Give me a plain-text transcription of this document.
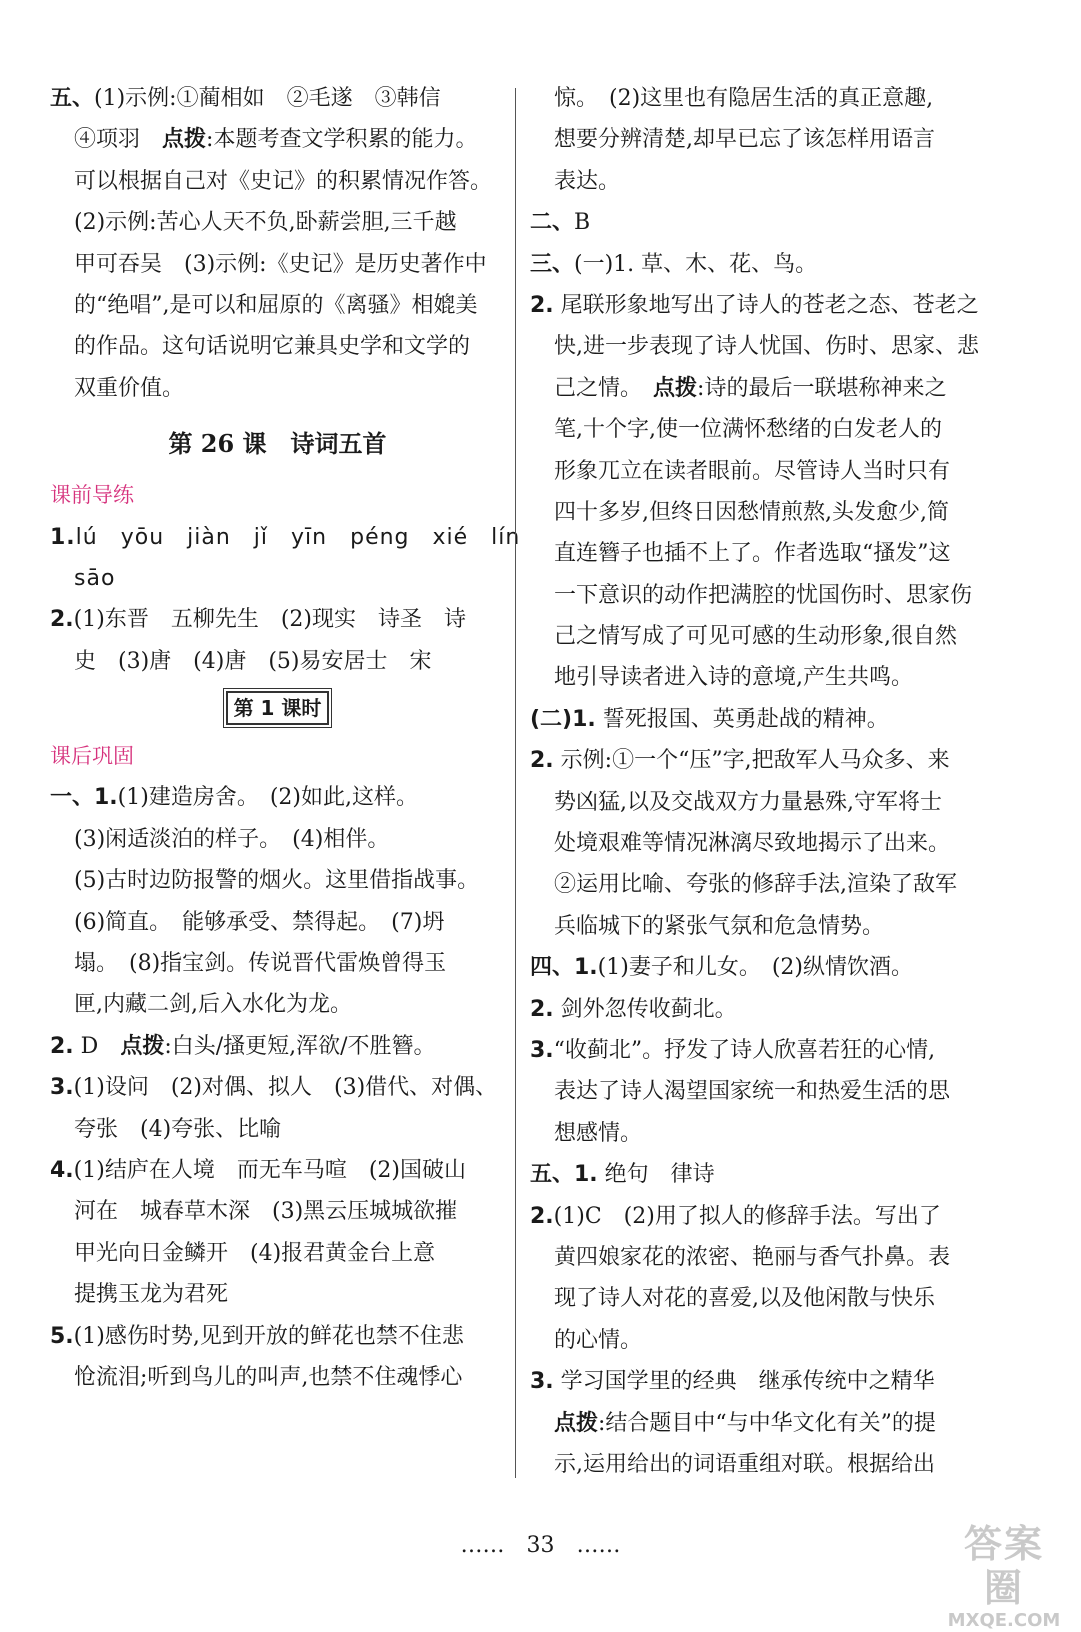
五、(1)示例:①蔺相如　②毛遂　③韩信
④项羽　点拨:本题考查文学积累的能力。
可以根据自己对《史记》的积累情况作答。
(2)示例:苦心人天不负,卧薪尝胆,三千越
甲可吞吴　(3)示例:《史记》是历史著作中
的“绝唱”,是可以和屈原的《离骚》相媲美
的作品。这句话说明它兼具史学和文学的
双重价值。
第 26 课　诗词五首
课前导练
1.lú　yōu　jiàn　jǐ　yīn　péng　xié　lín
sāo
2.(1)东晋　五柳先生　(2)现实　诗圣　诗
史　(3)唐　(4)唐　(5)易安居士　宋
第 1 课时
课后巩固
一、1.(1)建造房舍。　(2)如此,这样。
(3)闲适淡泊的样子。　(4)相伴。
(5)古时边防报警的烟火。这里借指战事。
(6)简直。　能够承受、禁得起。　(7)坍
塌。　(8)指宝剑。传说晋代雷焕曾得玉
匣,内藏二剑,后入水化为龙。
2. D　点拨:白头/搔更短,浑欲/不胜簪。
3.(1)设问　(2)对偶、拟人　(3)借代、对偶、
夸张　(4)夸张、比喻
4.(1)结庐在人境　而无车马喧　(2)国破山
河在　城春草木深　(3)黑云压城城欲摧
甲光向日金鳞开　(4)报君黄金台上意
提携玉龙为君死
5.(1)感伤时势,见到开放的鲜花也禁不住悲
怆流泪;听到鸟儿的叫声,也禁不住魂悸心
惊。　(2)这里也有隐居生活的真正意趣,
想要分辨清楚,却早已忘了该怎样用语言
表达。
二、B
三、(一)1. 草、木、花、鸟。
2. 尾联形象地写出了诗人的苍老之态、苍老之
快,进一步表现了诗人忧国、伤时、思家、悲
己之情。　点拨:诗的最后一联堪称神来之
笔,十个字,使一位满怀愁绪的白发老人的
形象兀立在读者眼前。尽管诗人当时只有
四十多岁,但终日因愁情煎熬,头发愈少,简
直连簪子也插不上了。作者选取“搔发”这
一下意识的动作把满腔的忧国伤时、思家伤
己之情写成了可见可感的生动形象,很自然
地引导读者进入诗的意境,产生共鸣。
(二)1. 誓死报国、英勇赴战的精神。
2. 示例:①一个“压”字,把敌军人马众多、来
势凶猛,以及交战双方力量悬殊,守军将士
处境艰难等情况淋漓尽致地揭示了出来。
②运用比喻、夸张的修辞手法,渲染了敌军
兵临城下的紧张气氛和危急情势。
四、1.(1)妻子和儿女。　(2)纵情饮酒。
2. 剑外忽传收蓟北。
3.“收蓟北”。抒发了诗人欣喜若狂的心情,
表达了诗人渴望国家统一和热爱生活的思
想感情。
五、1. 绝句　律诗
2.(1)C　(2)用了拟人的修辞手法。写出了
黄四娘家花的浓密、艳丽与香气扑鼻。表
现了诗人对花的喜爱,以及他闲散与快乐
的心情。
3. 学习国学里的经典　继承传统中之精华
点拨:结合题目中“与中华文化有关”的提
示,运用给出的词语重组对联。根据给出
……　33　……	答案圈
MXQE.COM
